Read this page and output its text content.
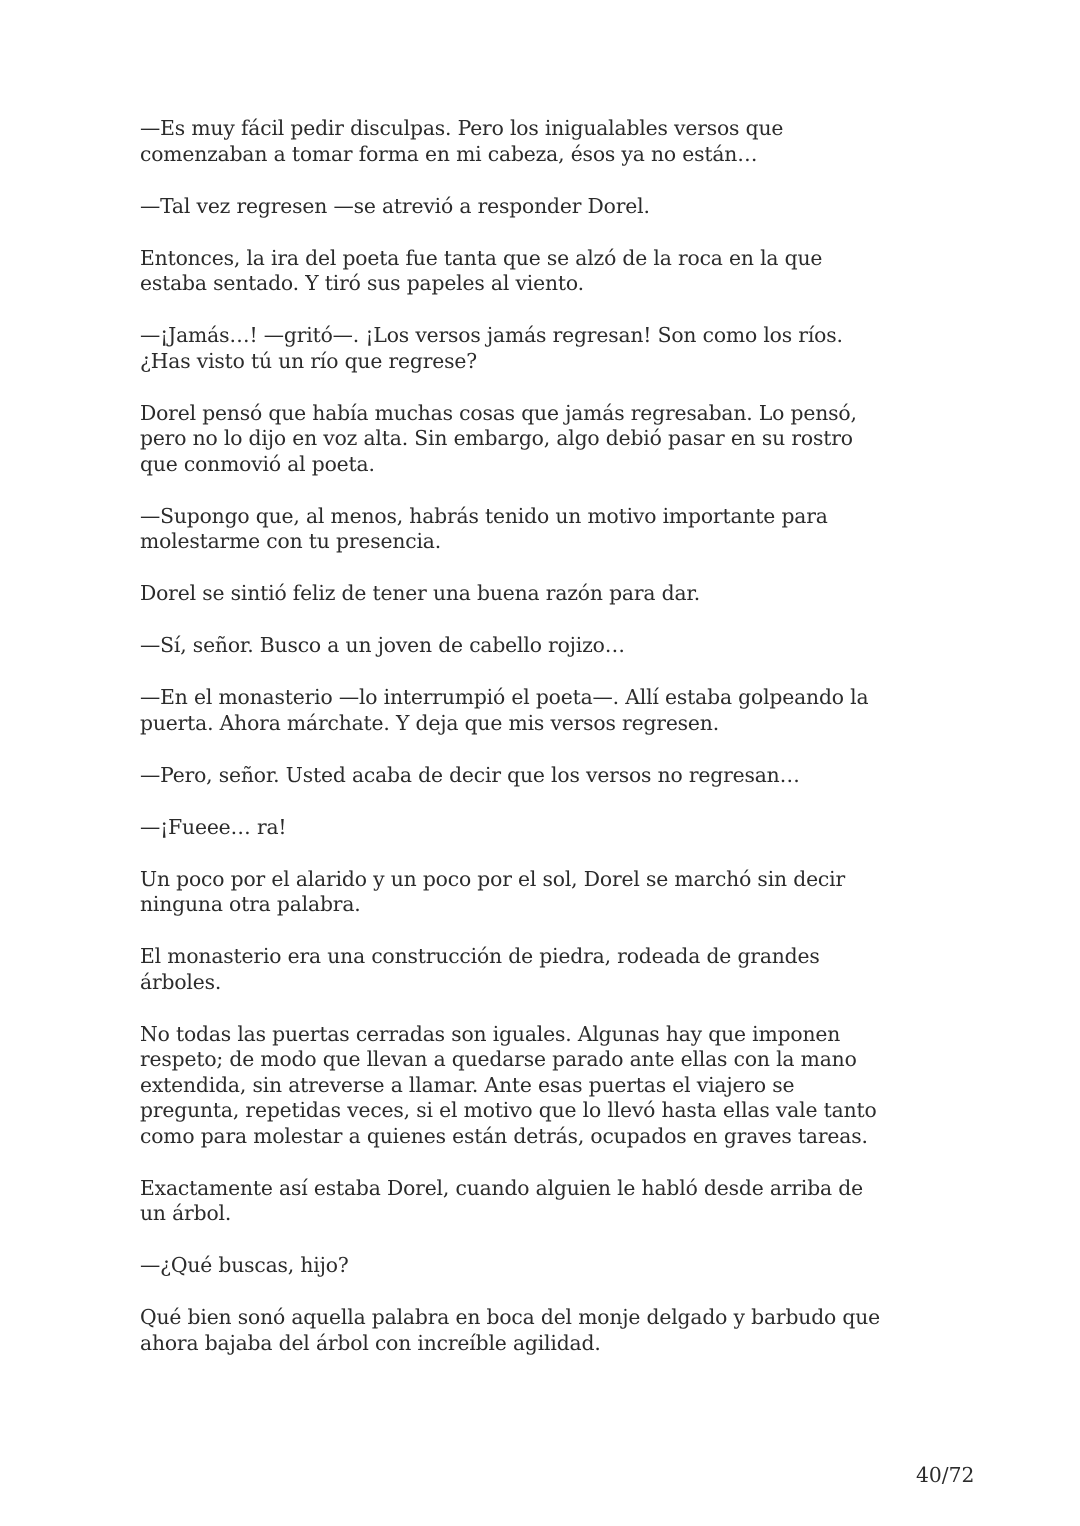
—Es muy fácil pedir disculpas. Pero los inigualables versos que
comenzaban a tomar forma en mi cabeza, ésos ya no están…

—Tal vez regresen —se atrevió a responder Dorel.

Entonces, la ira del poeta fue tanta que se alzó de la roca en la que
estaba sentado. Y tiró sus papeles al viento.

—¡Jamás…! —gritó—. ¡Los versos jamás regresan! Son como los ríos.
¿Has visto tú un río que regrese?

Dorel pensó que había muchas cosas que jamás regresaban. Lo pensó,
pero no lo dijo en voz alta. Sin embargo, algo debió pasar en su rostro
que conmovió al poeta.

—Supongo que, al menos, habrás tenido un motivo importante para
molestarme con tu presencia.

Dorel se sintió feliz de tener una buena razón para dar.

—Sí, señor. Busco a un joven de cabello rojizo…

—En el monasterio —lo interrumpió el poeta—. Allí estaba golpeando la
puerta. Ahora márchate. Y deja que mis versos regresen.

—Pero, señor. Usted acaba de decir que los versos no regresan…

—¡Fueee… ra!

Un poco por el alarido y un poco por el sol, Dorel se marchó sin decir
ninguna otra palabra.

El monasterio era una construcción de piedra, rodeada de grandes
árboles.

No todas las puertas cerradas son iguales. Algunas hay que imponen
respeto; de modo que llevan a quedarse parado ante ellas con la mano
extendida, sin atreverse a llamar. Ante esas puertas el viajero se
pregunta, repetidas veces, si el motivo que lo llevó hasta ellas vale tanto
como para molestar a quienes están detrás, ocupados en graves tareas.

Exactamente así estaba Dorel, cuando alguien le habló desde arriba de
un árbol.

—¿Qué buscas, hijo?

Qué bien sonó aquella palabra en boca del monje delgado y barbudo que
ahora bajaba del árbol con increíble agilidad.

40/72
